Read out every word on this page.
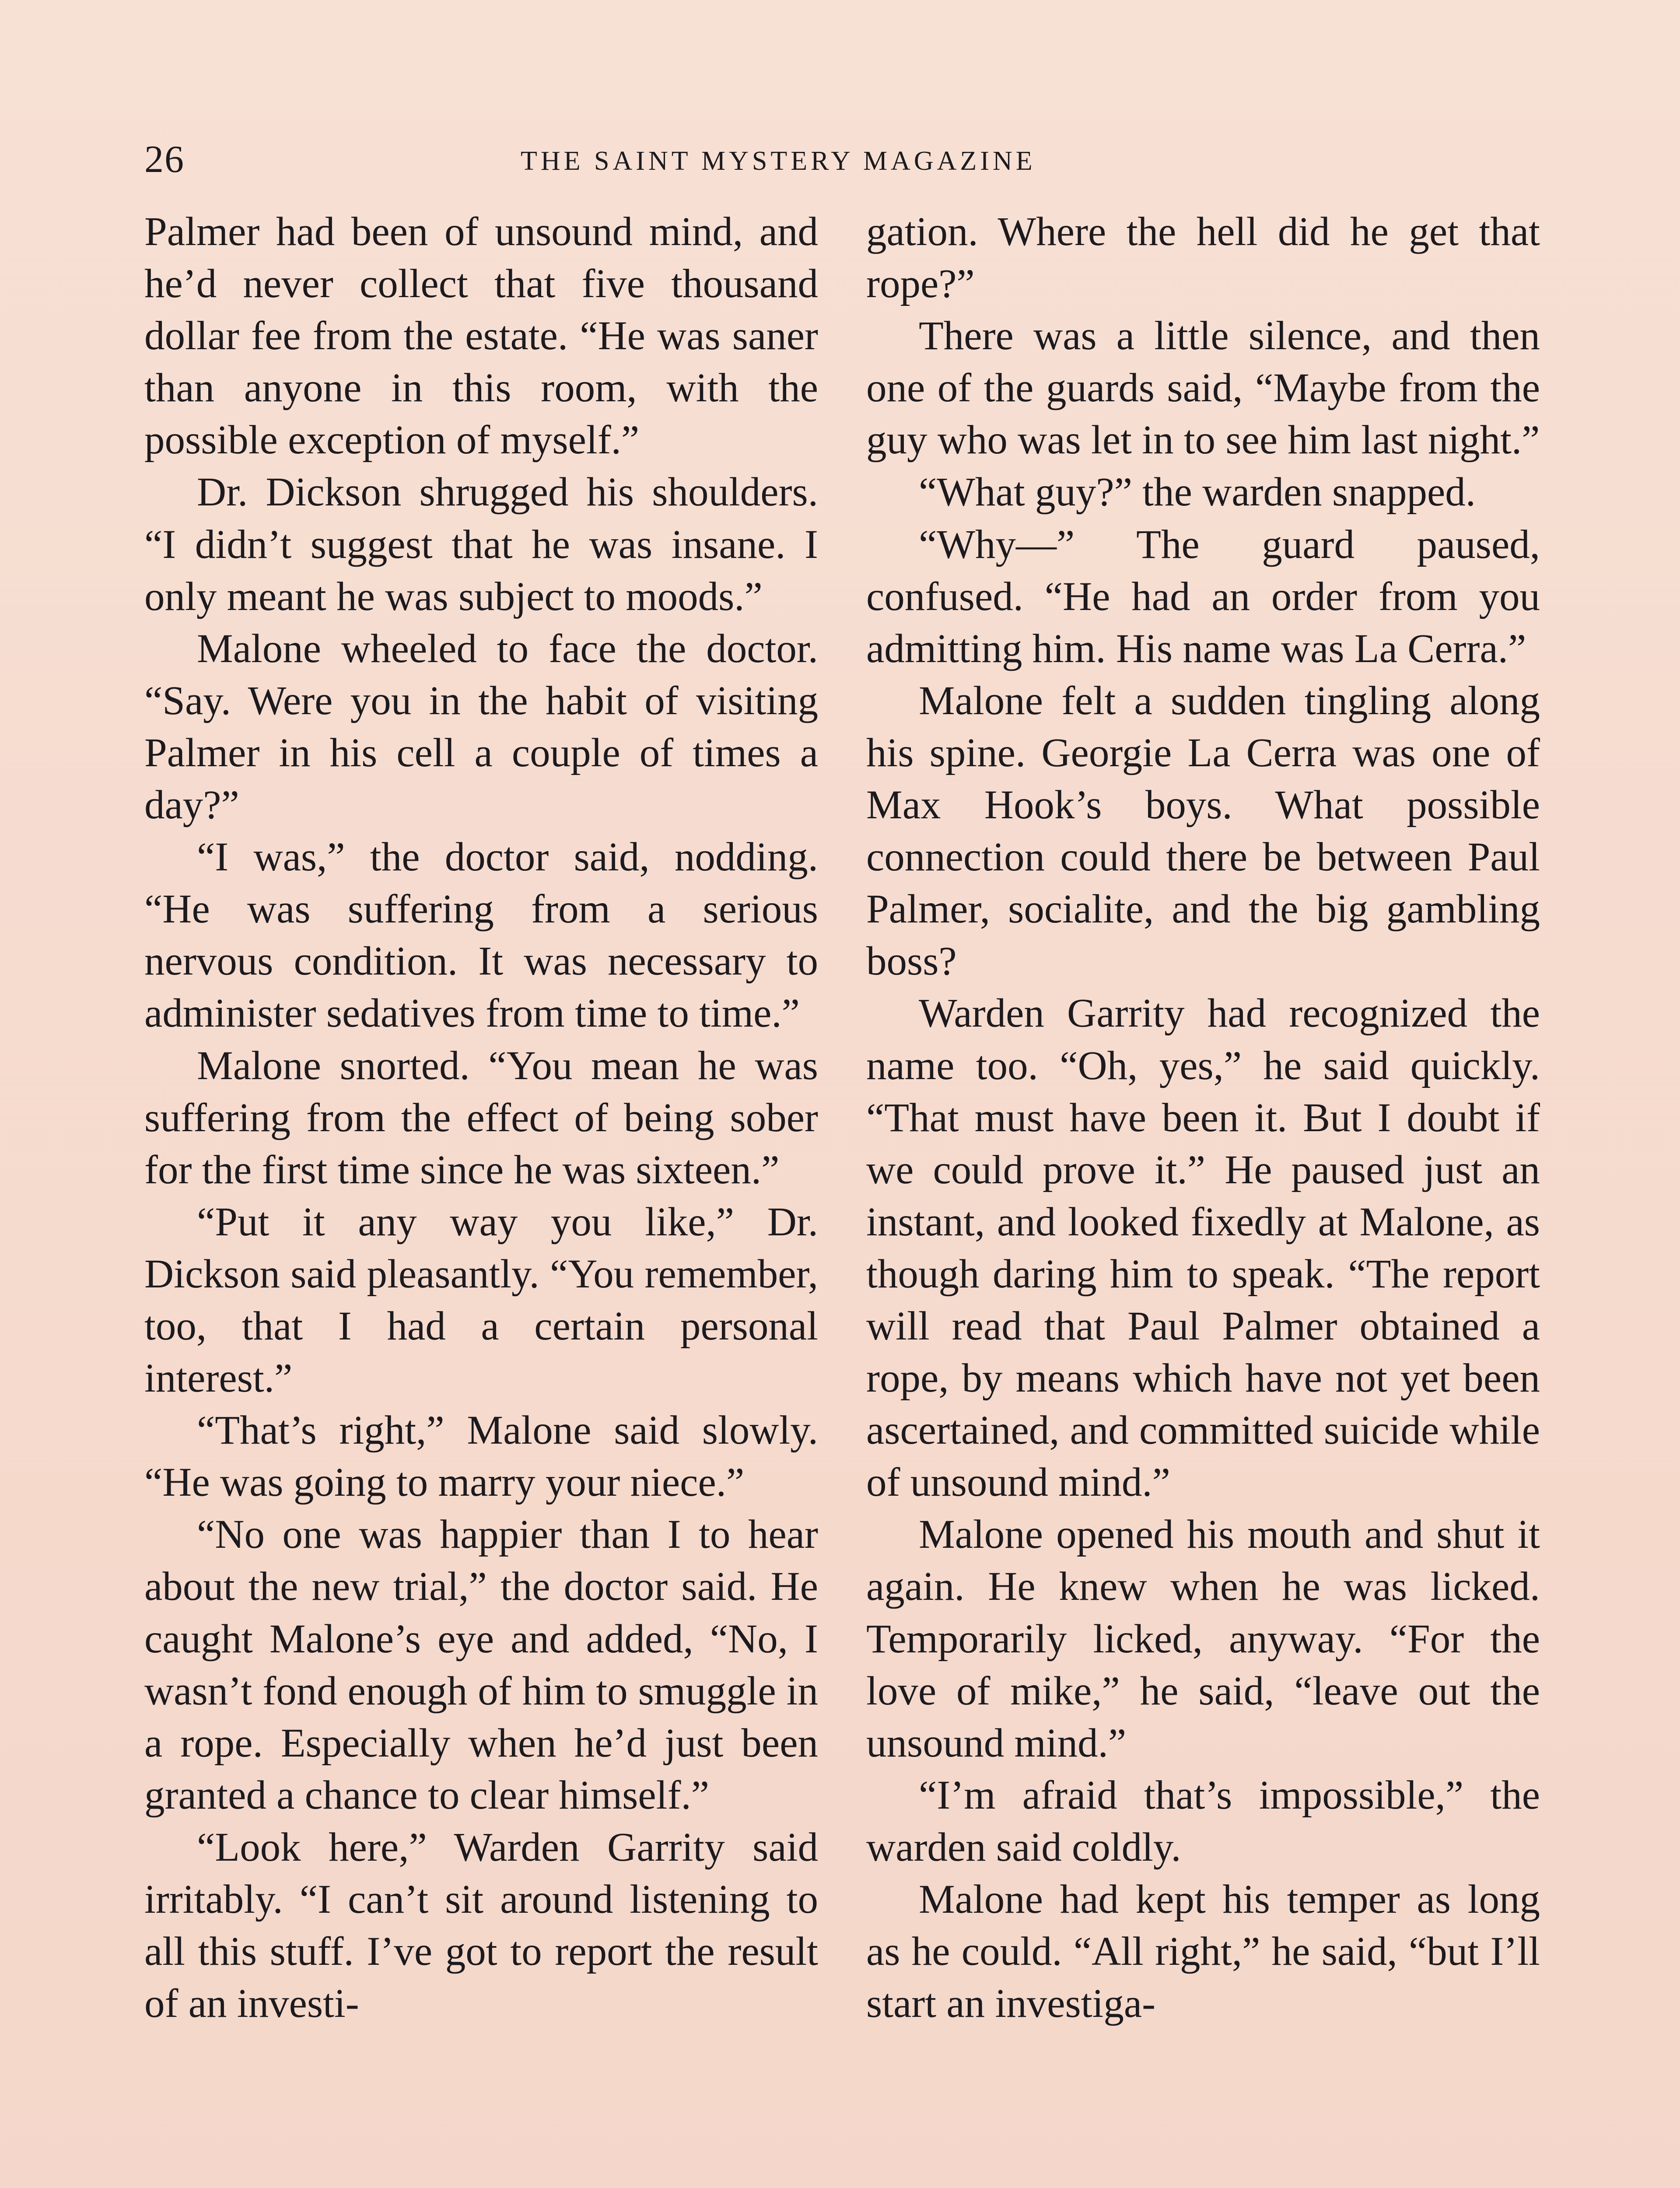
26	THE SAINT MYSTERY MAGAZINE

Palmer had been of unsound mind, and he’d never collect that five thousand dollar fee from the estate. “He was saner than anyone in this room, with the possible exception of myself.”

Dr. Dickson shrugged his shoulders. “I didn’t suggest that he was insane. I only meant he was subject to moods.”

Malone wheeled to face the doctor. “Say. Were you in the habit of visiting Palmer in his cell a couple of times a day?”

“I was,” the doctor said, nodding. “He was suffering from a serious nervous condition. It was necessary to administer sedatives from time to time.”

Malone snorted. “You mean he was suffering from the effect of being sober for the first time since he was sixteen.”

“Put it any way you like,” Dr. Dickson said pleasantly. “You remember, too, that I had a certain personal interest.”

“That’s right,” Malone said slowly. “He was going to marry your niece.”

“No one was happier than I to hear about the new trial,” the doctor said. He caught Malone’s eye and added, “No, I wasn’t fond enough of him to smuggle in a rope. Especially when he’d just been granted a chance to clear himself.”

“Look here,” Warden Garrity said irritably. “I can’t sit around listening to all this stuff. I’ve got to report the result of an investi-

gation. Where the hell did he get that rope?”

There was a little silence, and then one of the guards said, “Maybe from the guy who was let in to see him last night.”

“What guy?” the warden snapped.

“Why—” The guard paused, confused. “He had an order from you admitting him. His name was La Cerra.”

Malone felt a sudden tingling along his spine. Georgie La Cerra was one of Max Hook’s boys. What possible connection could there be between Paul Palmer, socialite, and the big gambling boss?

Warden Garrity had recognized the name too. “Oh, yes,” he said quickly. “That must have been it. But I doubt if we could prove it.” He paused just an instant, and looked fixedly at Malone, as though daring him to speak. “The report will read that Paul Palmer obtained a rope, by means which have not yet been ascertained, and committed suicide while of unsound mind.”

Malone opened his mouth and shut it again. He knew when he was licked. Temporarily licked, anyway. “For the love of mike,” he said, “leave out the unsound mind.”

“I’m afraid that’s impossible,” the warden said coldly.

Malone had kept his temper as long as he could. “All right,” he said, “but I’ll start an investiga-
